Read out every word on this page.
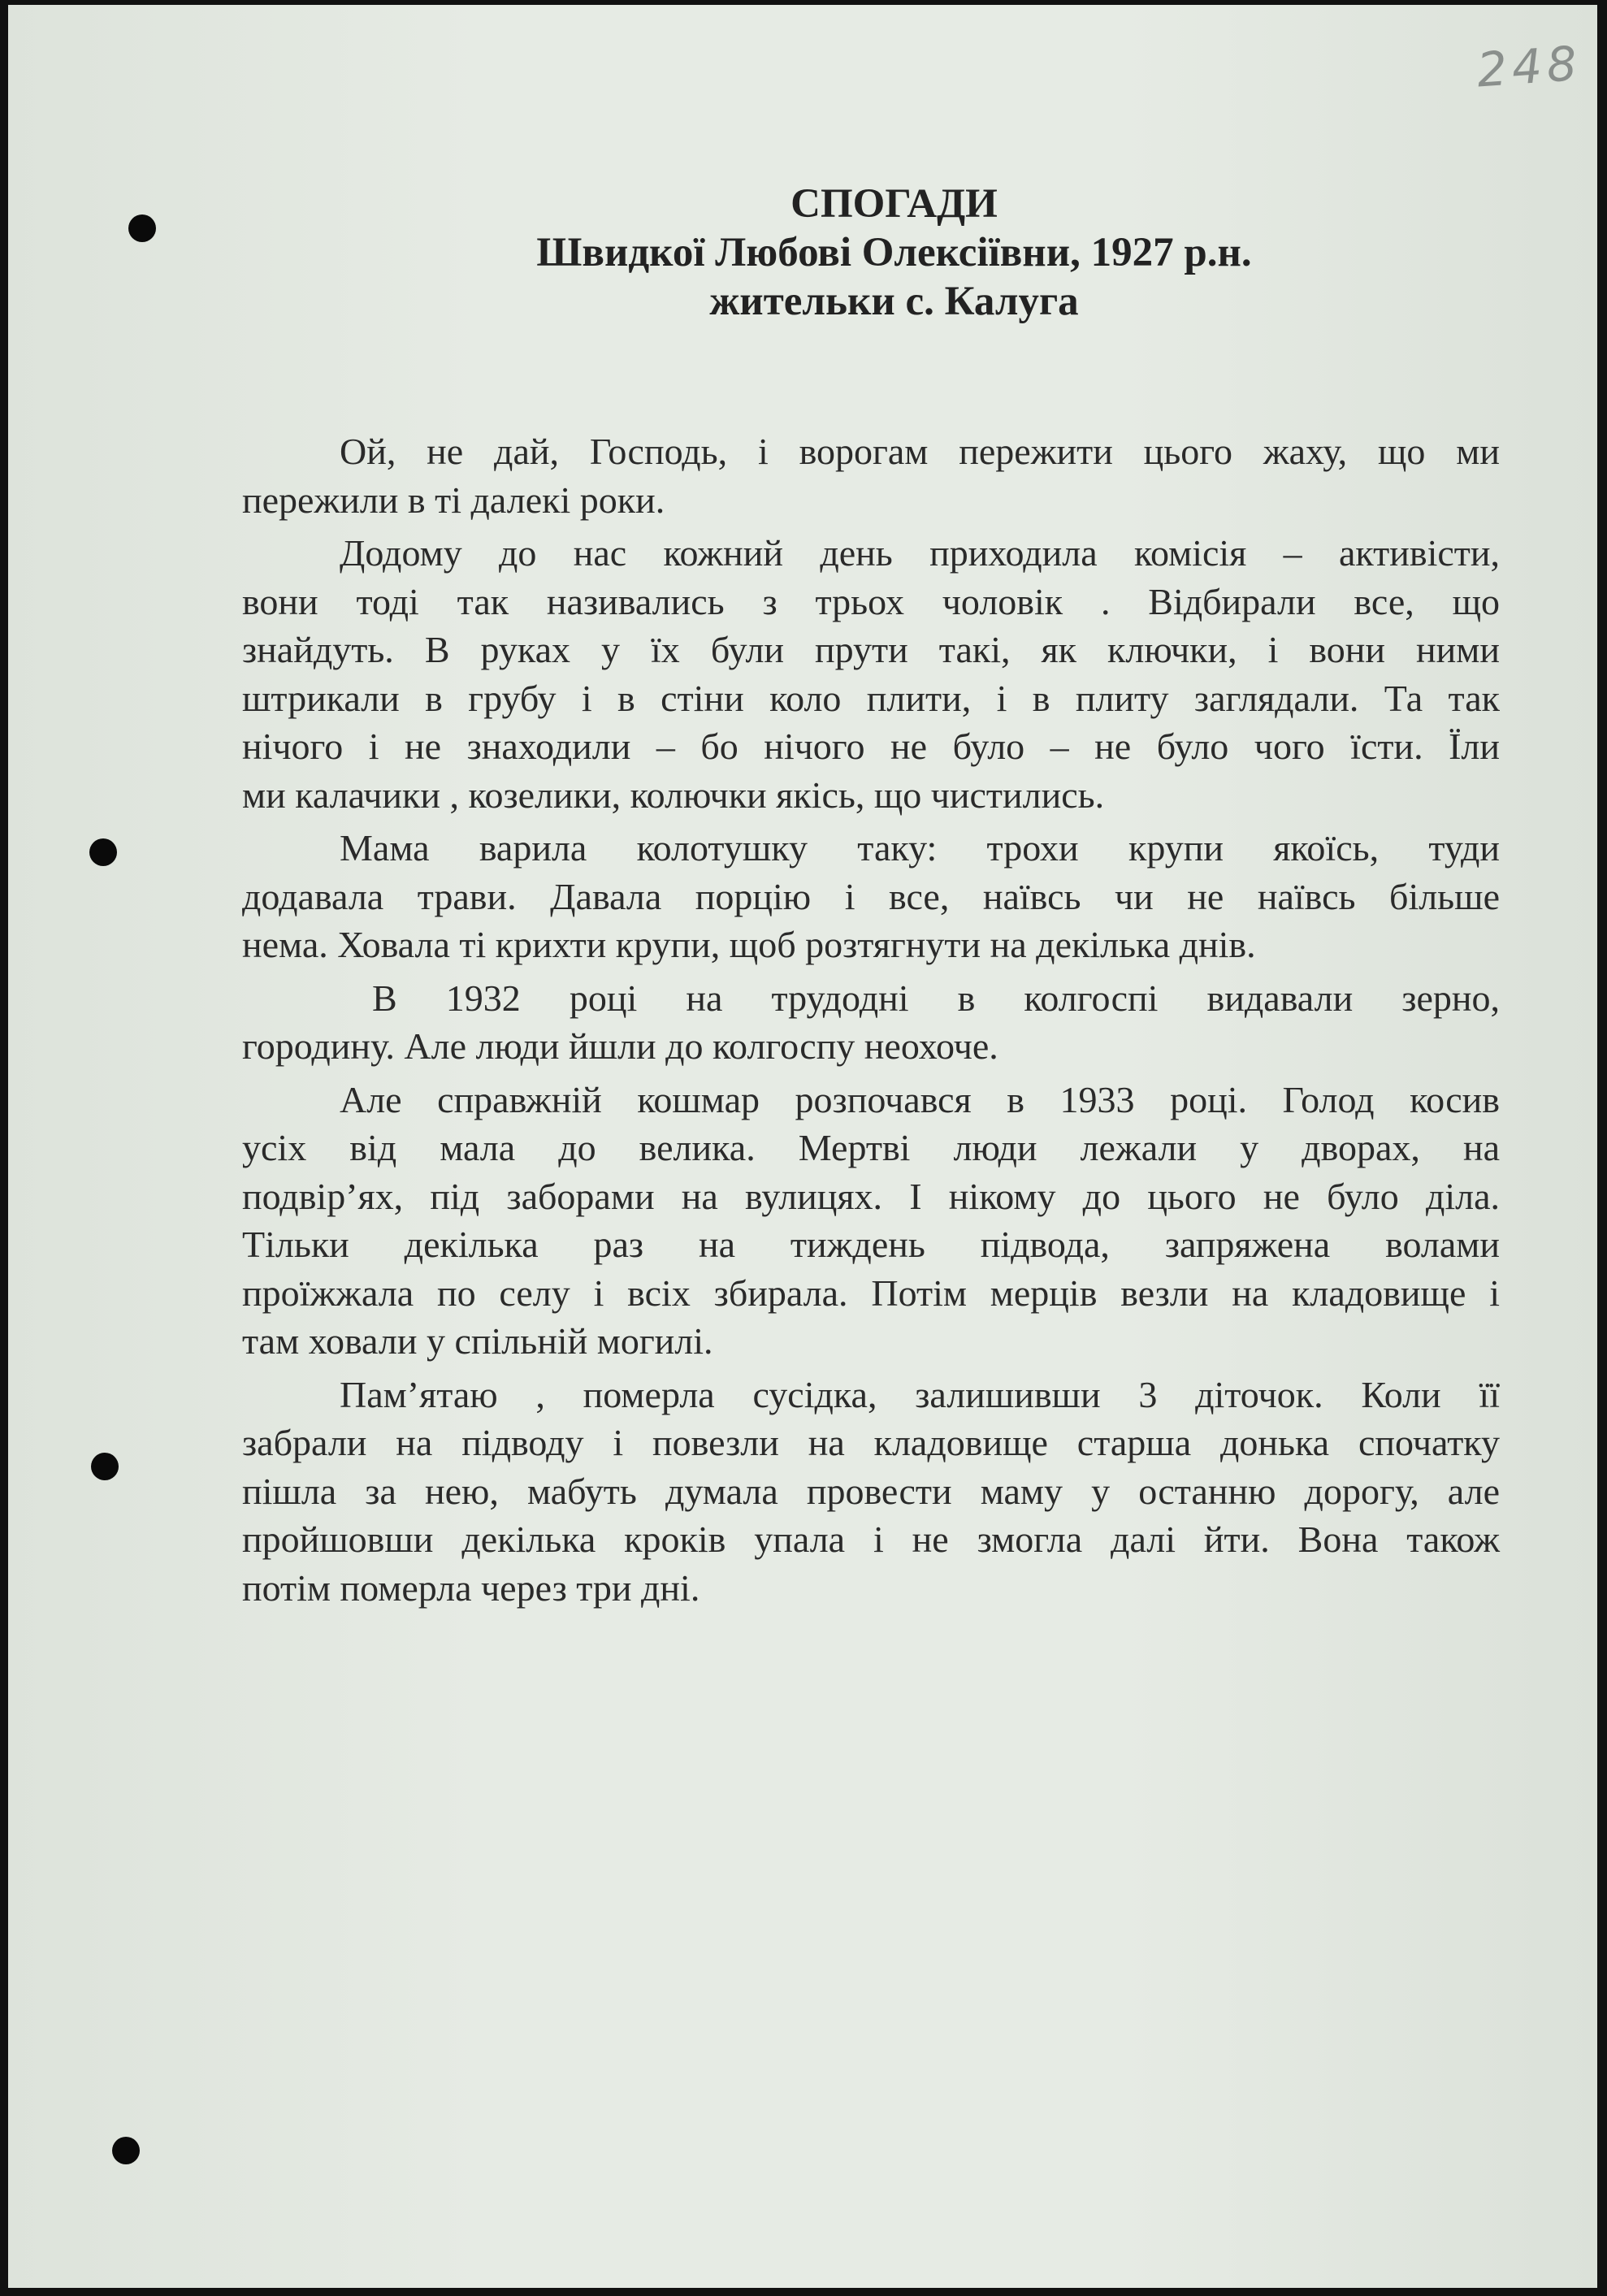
248
СПОГАДИ
Швидкої Любові Олексіївни, 1927 р.н.
жительки с. Калуга
Ой, не дай, Господь, і ворогам пережити цього жаху, що ми
пережили в ті далекі роки.
Додому до нас кожний день приходила комісія – активісти,
вони тоді так називались з трьох чоловік . Відбирали все, що
знайдуть. В руках у їх були прути такі, як ключки, і вони ними
штрикали в грубу і в стіни коло плити, і в плиту заглядали. Та так
нічого і не знаходили – бо нічого не було – не було чого їсти. Їли
ми калачики , козелики, колючки якісь, що чистились.
Мама варила колотушку таку: трохи крупи якоїсь, туди
додавала трави. Давала порцію і все, наївсь чи не наївсь більше
нема. Ховала ті крихти крупи, щоб розтягнути на декілька днів.
В 1932 році на трудодні в колгоспі видавали зерно,
городину. Але люди йшли до колгоспу неохоче.
Але справжній кошмар розпочався в 1933 році. Голод косив
усіх від мала до велика. Мертві люди лежали у дворах, на
подвір’ях, під заборами на вулицях. І нікому до цього не було діла.
Тільки декілька раз на тиждень підвода, запряжена волами
проїжжала по селу і всіх збирала. Потім мерців везли на кладовище і
там ховали у спільній могилі.
Пам’ятаю , померла сусідка, залишивши 3 діточок. Коли її
забрали на підводу і повезли на кладовище старша донька спочатку
пішла за нею, мабуть думала провести маму у останню дорогу, але
пройшовши декілька кроків упала і не змогла далі йти. Вона також
потім померла через три дні.
